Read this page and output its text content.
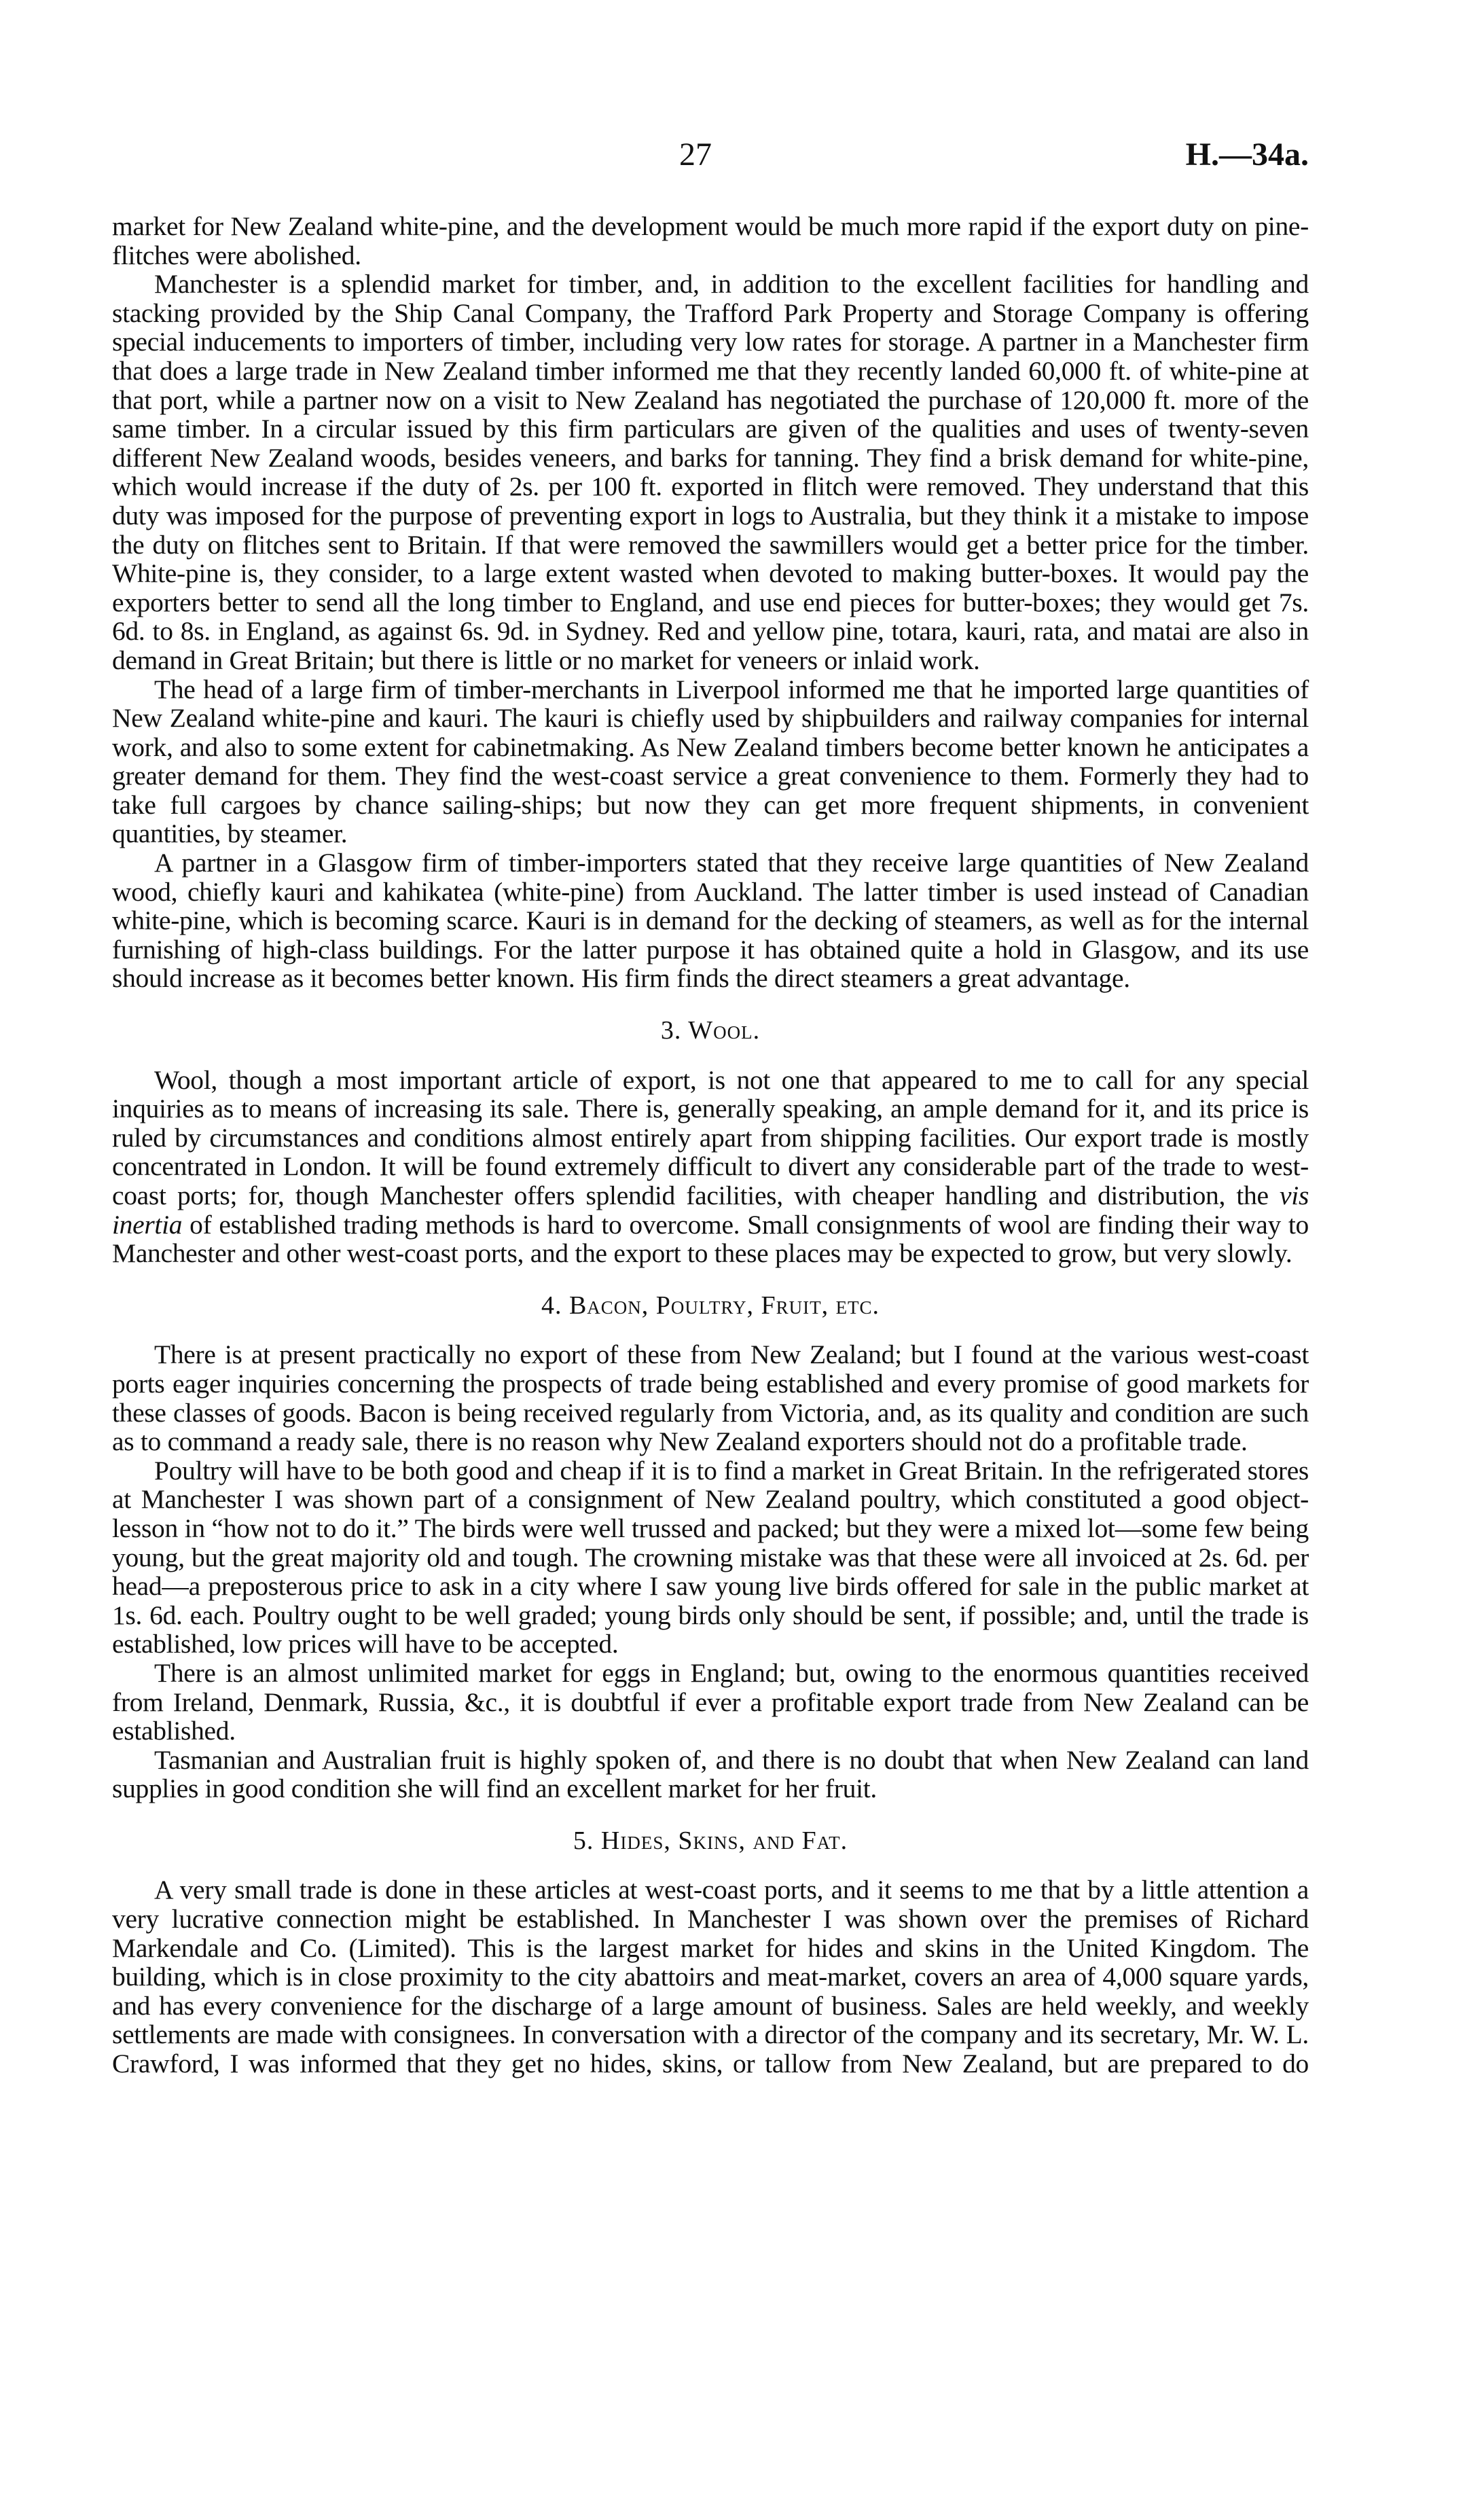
27	H.—34a.

market for New Zealand white-pine, and the development would be much more rapid if the export duty on pine-flitches were abolished.

Manchester is a splendid market for timber, and, in addition to the excellent facilities for handling and stacking provided by the Ship Canal Company, the Trafford Park Property and Storage Company is offering special inducements to importers of timber, including very low rates for storage. A partner in a Manchester firm that does a large trade in New Zealand timber informed me that they recently landed 60,000 ft. of white-pine at that port, while a partner now on a visit to New Zealand has negotiated the purchase of 120,000 ft. more of the same timber. In a circular issued by this firm particulars are given of the qualities and uses of twenty-seven different New Zealand woods, besides veneers, and barks for tanning. They find a brisk demand for white-pine, which would increase if the duty of 2s. per 100 ft. exported in flitch were removed. They understand that this duty was imposed for the purpose of preventing export in logs to Australia, but they think it a mistake to impose the duty on flitches sent to Britain. If that were removed the sawmillers would get a better price for the timber. White-pine is, they consider, to a large extent wasted when devoted to making butter-boxes. It would pay the exporters better to send all the long timber to England, and use end pieces for butter-boxes; they would get 7s. 6d. to 8s. in England, as against 6s. 9d. in Sydney. Red and yellow pine, totara, kauri, rata, and matai are also in demand in Great Britain; but there is little or no market for veneers or inlaid work.

The head of a large firm of timber-merchants in Liverpool informed me that he imported large quantities of New Zealand white-pine and kauri. The kauri is chiefly used by shipbuilders and railway companies for internal work, and also to some extent for cabinetmaking. As New Zealand timbers become better known he anticipates a greater demand for them. They find the west-coast service a great convenience to them. Formerly they had to take full cargoes by chance sailing-ships; but now they can get more frequent shipments, in convenient quantities, by steamer.

A partner in a Glasgow firm of timber-importers stated that they receive large quantities of New Zealand wood, chiefly kauri and kahikatea (white-pine) from Auckland. The latter timber is used instead of Canadian white-pine, which is becoming scarce. Kauri is in demand for the decking of steamers, as well as for the internal furnishing of high-class buildings. For the latter purpose it has obtained quite a hold in Glasgow, and its use should increase as it becomes better known. His firm finds the direct steamers a great advantage.

3. Wool.

Wool, though a most important article of export, is not one that appeared to me to call for any special inquiries as to means of increasing its sale. There is, generally speaking, an ample demand for it, and its price is ruled by circumstances and conditions almost entirely apart from shipping facilities. Our export trade is mostly concentrated in London. It will be found extremely difficult to divert any considerable part of the trade to west-coast ports; for, though Manchester offers splendid facilities, with cheaper handling and distribution, the vis inertia of established trading methods is hard to overcome. Small consignments of wool are finding their way to Manchester and other west-coast ports, and the export to these places may be expected to grow, but very slowly.

4. Bacon, Poultry, Fruit, etc.

There is at present practically no export of these from New Zealand; but I found at the various west-coast ports eager inquiries concerning the prospects of trade being established and every promise of good markets for these classes of goods. Bacon is being received regularly from Victoria, and, as its quality and condition are such as to command a ready sale, there is no reason why New Zealand exporters should not do a profitable trade.

Poultry will have to be both good and cheap if it is to find a market in Great Britain. In the refrigerated stores at Manchester I was shown part of a consignment of New Zealand poultry, which constituted a good object-lesson in “how not to do it.” The birds were well trussed and packed; but they were a mixed lot—some few being young, but the great majority old and tough. The crowning mistake was that these were all invoiced at 2s. 6d. per head—a preposterous price to ask in a city where I saw young live birds offered for sale in the public market at 1s. 6d. each. Poultry ought to be well graded; young birds only should be sent, if possible; and, until the trade is established, low prices will have to be accepted.

There is an almost unlimited market for eggs in England; but, owing to the enormous quantities received from Ireland, Denmark, Russia, &c., it is doubtful if ever a profitable export trade from New Zealand can be established.

Tasmanian and Australian fruit is highly spoken of, and there is no doubt that when New Zealand can land supplies in good condition she will find an excellent market for her fruit.

5. Hides, Skins, and Fat.

A very small trade is done in these articles at west-coast ports, and it seems to me that by a little attention a very lucrative connection might be established. In Manchester I was shown over the premises of Richard Markendale and Co. (Limited). This is the largest market for hides and skins in the United Kingdom. The building, which is in close proximity to the city abattoirs and meat-market, covers an area of 4,000 square yards, and has every convenience for the discharge of a large amount of business. Sales are held weekly, and weekly settlements are made with consignees. In conversation with a director of the company and its secretary, Mr. W. L. Crawford, I was informed that they get no hides, skins, or tallow from New Zealand, but are prepared to do
